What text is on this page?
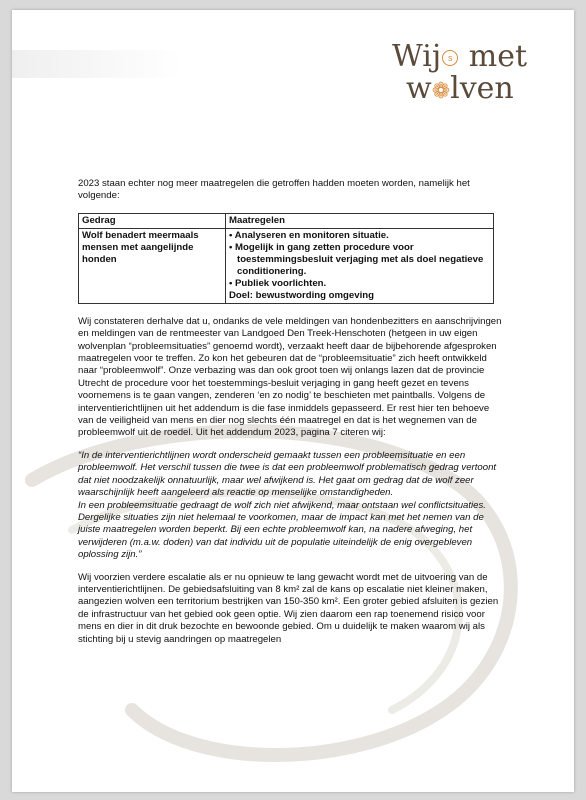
Wij s met
w❁lven

2023 staan echter nog meer maatregelen die getroffen hadden moeten worden, namelijk het volgende:

Gedrag	Maatregelen
Wolf benadert meermaals mensen met aangelijnde honden	• Analyseren en monitoren situatie.
• Mogelijk in gang zetten procedure voor toestemmingsbesluit verjaging met als doel negatieve conditionering.
• Publiek voorlichten.
Doel: bewustwording omgeving

Wij constateren derhalve dat u, ondanks de vele meldingen van hondenbezitters en aanschrijvingen en meldingen van de rentmeester van Landgoed Den Treek-Henschoten (hetgeen in uw eigen wolvenplan “probleemsituaties” genoemd wordt), verzaakt heeft daar de bijbehorende afgesproken maatregelen voor te treffen. Zo kon het gebeuren dat de “probleemsituatie” zich heeft ontwikkeld naar “probleemwolf”. Onze verbazing was dan ook groot toen wij onlangs lazen dat de provincie Utrecht de procedure voor het toestemmings-besluit verjaging in gang heeft gezet en tevens voornemens is te gaan vangen, zenderen ‘en zo nodig’ te beschieten met paintballs. Volgens de interventierichtlijnen uit het addendum is die fase inmiddels gepasseerd. Er rest hier ten behoeve van de veiligheid van mens en dier nog slechts één maatregel en dat is het wegnemen van de probleemwolf uit de roedel. Uit het addendum 2023, pagina 7 citeren wij:

“In de interventierichtlijnen wordt onderscheid gemaakt tussen een probleemsituatie en een probleemwolf. Het verschil tussen die twee is dat een probleemwolf problematisch gedrag vertoont dat niet noodzakelijk onnatuurlijk, maar wel afwijkend is. Het gaat om gedrag dat de wolf zeer waarschijnlijk heeft aangeleerd als reactie op menselijke omstandigheden.

In een probleemsituatie gedraagt de wolf zich niet afwijkend, maar ontstaan wel conflictsituaties. Dergelijke situaties zijn niet helemaal te voorkomen, maar de impact kan met het nemen van de juiste maatregelen worden beperkt. Bij een echte probleemwolf kan, na nadere afweging, het verwijderen (m.a.w. doden) van dat individu uit de populatie uiteindelijk de enig overgebleven oplossing zijn.”

Wij voorzien verdere escalatie als er nu opnieuw te lang gewacht wordt met de uitvoering van de interventierichtlijnen. De gebiedsafsluiting van 8 km² zal de kans op escalatie niet kleiner maken, aangezien wolven een territorium bestrijken van 150-350 km². Een groter gebied afsluiten is gezien de infrastructuur van het gebied ook geen optie. Wij zien daarom een rap toenemend risico voor mens en dier in dit druk bezochte en bewoonde gebied. Om u duidelijk te maken waarom wij als stichting bij u stevig aandringen op maatregelen
